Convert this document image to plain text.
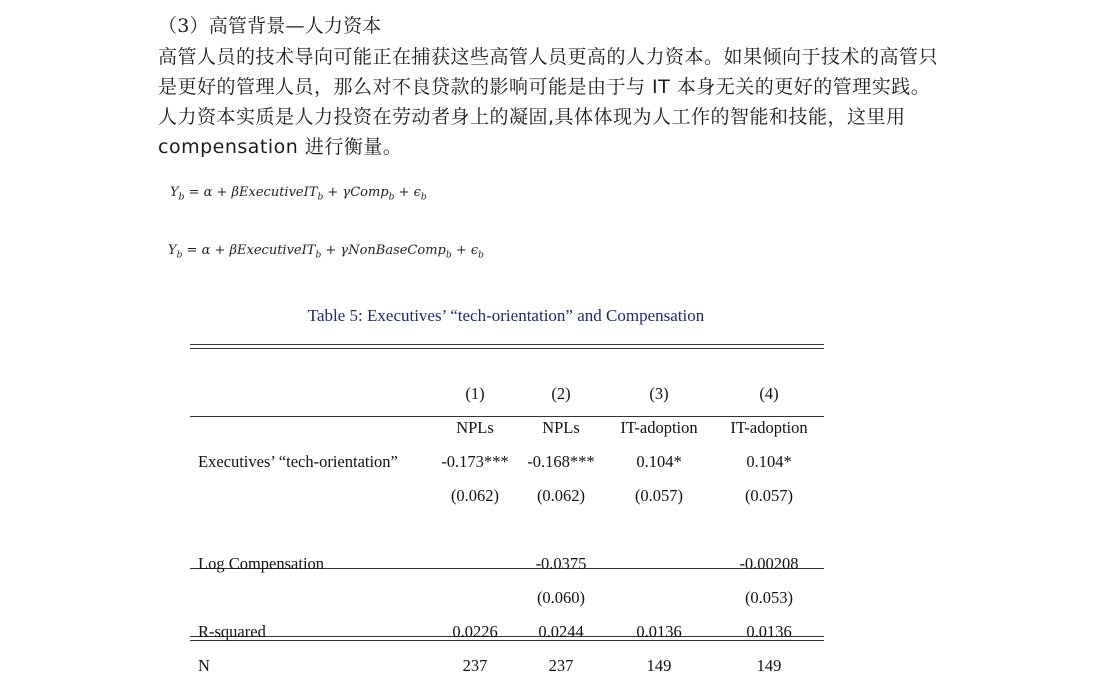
（3）高管背景—人力资本

高管人员的技术导向可能正在捕获这些高管人员更高的人力资本。如果倾向于技术的高管只

是更好的管理人员，那么对不良贷款的影响可能是由于与 IT 本身无关的更好的管理实践。

人力资本实质是人力投资在劳动者身上的凝固,具体体现为人工作的智能和技能，这里用

compensation 进行衡量。

$Y_b = \alpha$ + βExecutiveIT$_b$ + γComp$_b$ + $\epsilon_b$
$Y_b = \alpha$ + βExecutiveIT$_b$ + γNonBaseComp$_b$ + $\epsilon_b$
Table 5: Executives’ “tech-orientation” and Compensation

	(1)	(2)	(3)	(4)
	NPLs	NPLs	IT-adoption	IT-adoption
Executives’ “tech-orientation”	-0.173***	-0.168***	0.104*	0.104*
	(0.062)	(0.062)	(0.057)	(0.057)

Log Compensation		-0.0375		-0.00208
		(0.060)		(0.053)
R-squared	0.0226	0.0244	0.0136	0.0136
N	237	237	149	149
